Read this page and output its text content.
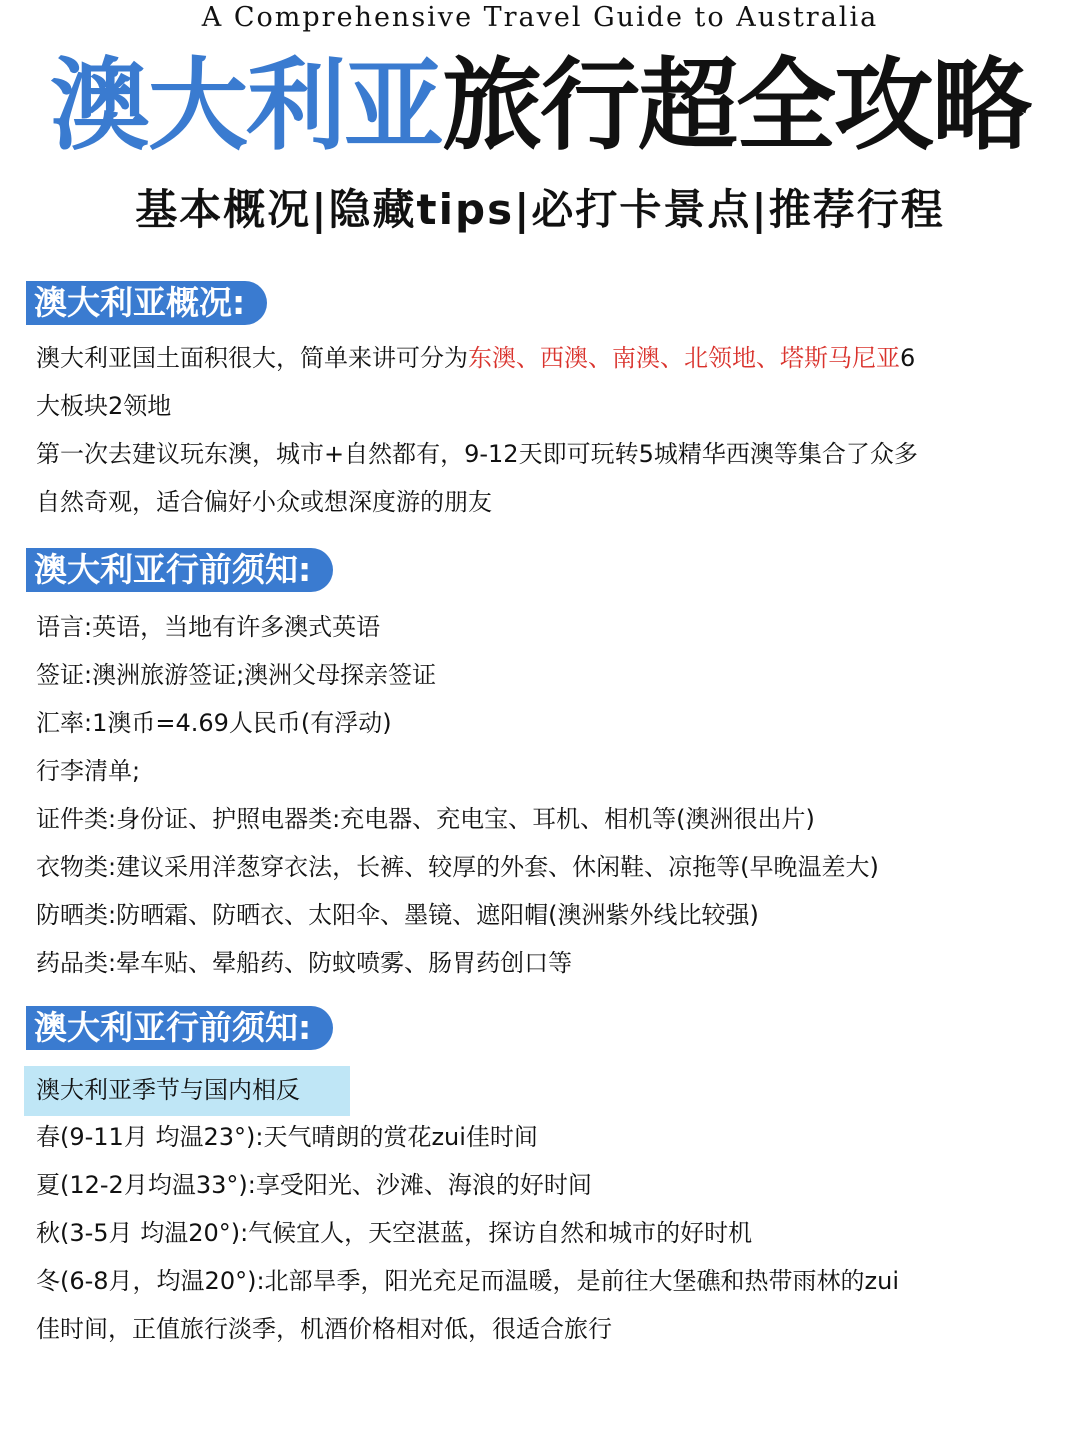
A Comprehensive Travel Guide to Australia
澳大利亚旅行超全攻略
基本概况|隐藏tips|必打卡景点|推荐行程
澳大利亚概况:
澳大利亚国土面积很大，简单来讲可分为东澳、西澳、南澳、北领地、塔斯马尼亚6
大板块2领地
第一次去建议玩东澳，城市+自然都有，9-12天即可玩转5城精华西澳等集合了众多
自然奇观，适合偏好小众或想深度游的朋友
澳大利亚行前须知:
语言:英语，当地有许多澳式英语
签证:澳洲旅游签证;澳洲父母探亲签证
汇率:1澳币=4.69人民币(有浮动)
行李清单;
证件类:身份证、护照电器类:充电器、充电宝、耳机、相机等(澳洲很出片)
衣物类:建议采用洋葱穿衣法，长裤、较厚的外套、休闲鞋、凉拖等(早晚温差大)
防晒类:防晒霜、防晒衣、太阳伞、墨镜、遮阳帽(澳洲紫外线比较强)
药品类:晕车贴、晕船药、防蚊喷雾、肠胃药创口等
澳大利亚行前须知:
澳大利亚季节与国内相反
春(9-11月 均温23°):天气晴朗的赏花zui佳时间
夏(12-2月均温33°):享受阳光、沙滩、海浪的好时间
秋(3-5月 均温20°):气候宜人，天空湛蓝，探访自然和城市的好时机
冬(6-8月，均温20°):北部旱季，阳光充足而温暖，是前往大堡礁和热带雨林的zui
佳时间，正值旅行淡季，机酒价格相对低，很适合旅行
